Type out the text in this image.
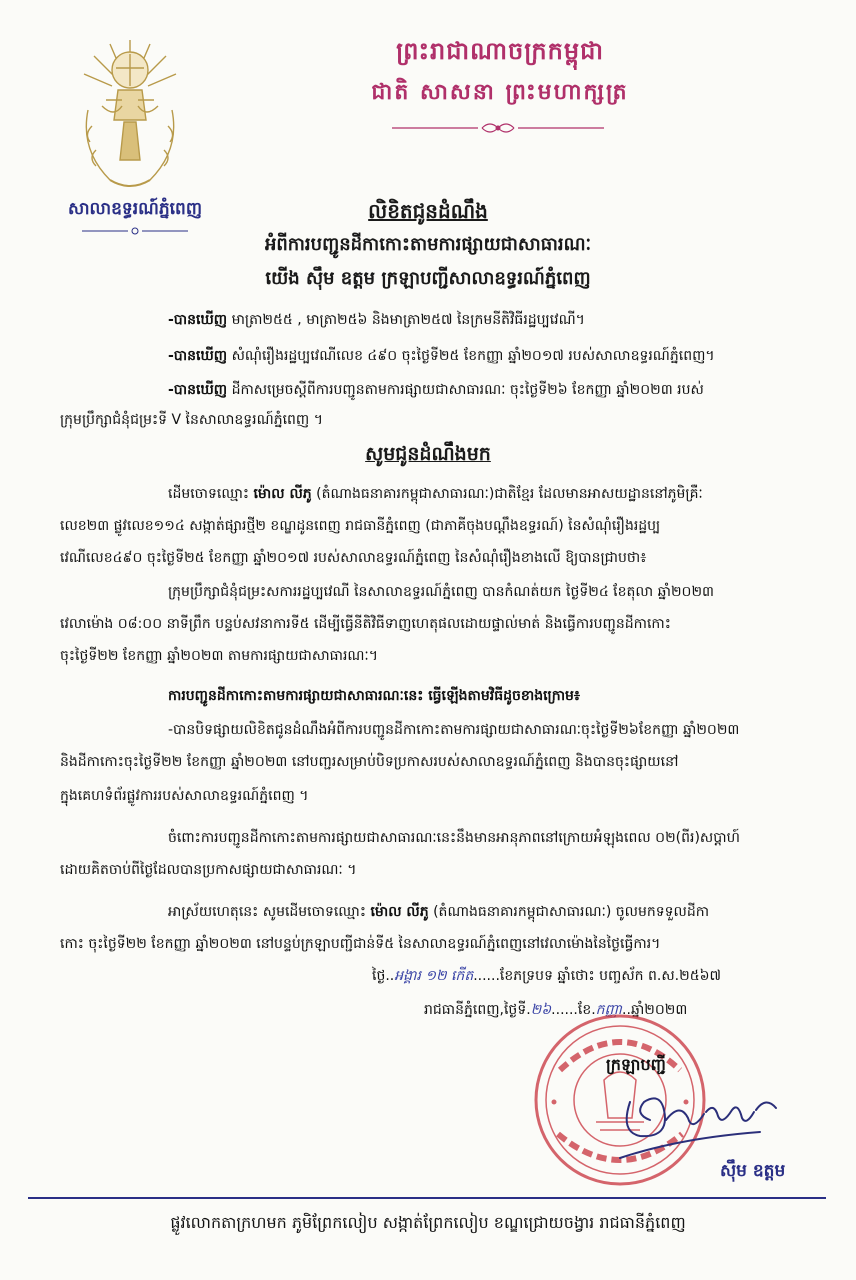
សាលាឧទ្ធរណ៍ភ្នំពេញ
ព្រះរាជាណាចក្រកម្ពុជា
ជាតិ សាសនា ព្រះមហាក្សត្រ
លិខិតជូនដំណឹង
អំពីការបញ្ជូនដីកាកោះតាមការផ្សាយជាសាធារណៈ
យើង ស៊ឹម ឧត្តម ក្រឡាបញ្ជីសាលាឧទ្ធរណ៍ភ្នំពេញ
-បានឃើញ មាត្រា២៥៥ , មាត្រា២៥៦ និងមាត្រា២៥៧ នៃក្រមនីតិវិធីរដ្ឋប្បវេណី។
-បានឃើញ សំណុំរឿងរដ្ឋប្បវេណីលេខ ៤៩០ ចុះថ្ងៃទី២៥ ខែកញ្ញា ឆ្នាំ២០១៧ របស់សាលាឧទ្ធរណ៍ភ្នំពេញ។
-បានឃើញ ដីកាសម្រេចស្តីពីការបញ្ជូនតាមការផ្សាយជាសាធារណៈ ចុះថ្ងៃទី២៦ ខែកញ្ញា ឆ្នាំ២០២៣ របស់
ក្រុមប្រឹក្សាជំនុំជម្រះទី V នៃសាលាឧទ្ធរណ៍ភ្នំពេញ ។
សូមជូនដំណឹងមក
ដើមចោទឈ្មោះ ម៉ោល លីភូ (តំណាងធនាគារកម្ពុជាសាធារណៈ)ជាតិខ្មែរ ដែលមានអាសយដ្ឋាននៅភូមិគ្រឺៈ
លេខ២៣ ផ្លូវលេខ១១៤ សង្កាត់ផ្សារថ្មី២ ខណ្ឌដូនពេញ រាជធានីភ្នំពេញ (ជាភាគីចុងបណ្តឹងឧទ្ធរណ៍) នៃសំណុំរឿងរដ្ឋប្ប
វេណីលេខ៤៩០ ចុះថ្ងៃទី២៥ ខែកញ្ញា ឆ្នាំ២០១៧ របស់សាលាឧទ្ធរណ៍ភ្នំពេញ នៃសំណុំរឿងខាងលើ ឱ្យបានជ្រាបថា៖
ក្រុមប្រឹក្សាជំនុំជម្រះសការរដ្ឋប្បវេណី នៃសាលាឧទ្ធរណ៍ភ្នំពេញ បានកំណត់យក ថ្ងៃទី២៤ ខែតុលា ឆ្នាំ២០២៣
វេលាម៉ោង ០៨:០០ នាទីព្រឹក បន្ទប់សវនាការទី៥ ដើម្បីធ្វើនីតិវិធីទាញហេតុផលដោយផ្ទាល់មាត់ និងធ្វើការបញ្ជូនដីកាកោះ
ចុះថ្ងៃទី២២ ខែកញ្ញា ឆ្នាំ២០២៣ តាមការផ្សាយជាសាធារណៈ។
ការបញ្ជូនដីកាកោះតាមការផ្សាយជាសាធារណៈនេះ ធ្វើឡើងតាមវិធីដូចខាងក្រោម៖
-បានបិទផ្សាយលិខិតជូនដំណឹងអំពីការបញ្ជូនដីកាកោះតាមការផ្សាយជាសាធារណៈចុះថ្ងៃទី២៦ខែកញ្ញា ឆ្នាំ២០២៣
និងដីកាកោះចុះថ្ងៃទី២២ ខែកញ្ញា ឆ្នាំ២០២៣ នៅបញ្ជរសម្រាប់បិទប្រកាសរបស់សាលាឧទ្ធរណ៍ភ្នំពេញ និងបានចុះផ្សាយនៅ
ក្នុងគេហទំព័រផ្លូវការរបស់សាលាឧទ្ធរណ៍ភ្នំពេញ ។
ចំពោះការបញ្ជូនដីកាកោះតាមការផ្សាយជាសាធារណៈនេះនឹងមានអានុភាពនៅក្រោយអំឡុងពេល ០២(ពីរ)សប្តាហ៍
ដោយគិតចាប់ពីថ្ងៃដែលបានប្រកាសផ្សាយជាសាធារណៈ ។
អាស្រ័យហេតុនេះ សូមដើមចោទឈ្មោះ ម៉ោល លីភូ (តំណាងធនាគារកម្ពុជាសាធារណៈ) ចូលមកទទួលដីកា
កោះ ចុះថ្ងៃទី២២ ខែកញ្ញា ឆ្នាំ២០២៣ នៅបន្ទប់ក្រឡាបញ្ជីជាន់ទី៥ នៃសាលាឧទ្ធរណ៍ភ្នំពេញនៅវេលាម៉ោងនៃថ្ងៃធ្វើការ។
ថ្ងៃ..អង្គារ ១២ កើត......ខែភទ្របទ ឆ្នាំថោះ បញ្ចស័ក ព.ស.២៥៦៧
រាជធានីភ្នំពេញ,ថ្ងៃទី.២៦......ខែ.កញ្ញា..ឆ្នាំ២០២៣
ក្រឡាបញ្ជី
ស៊ឹម ឧត្តម
ផ្លូវលោកតាក្រហមក ភូមិព្រែកលៀប សង្កាត់ព្រែកលៀប ខណ្ឌជ្រោយចង្វារ រាជធានីភ្នំពេញ
